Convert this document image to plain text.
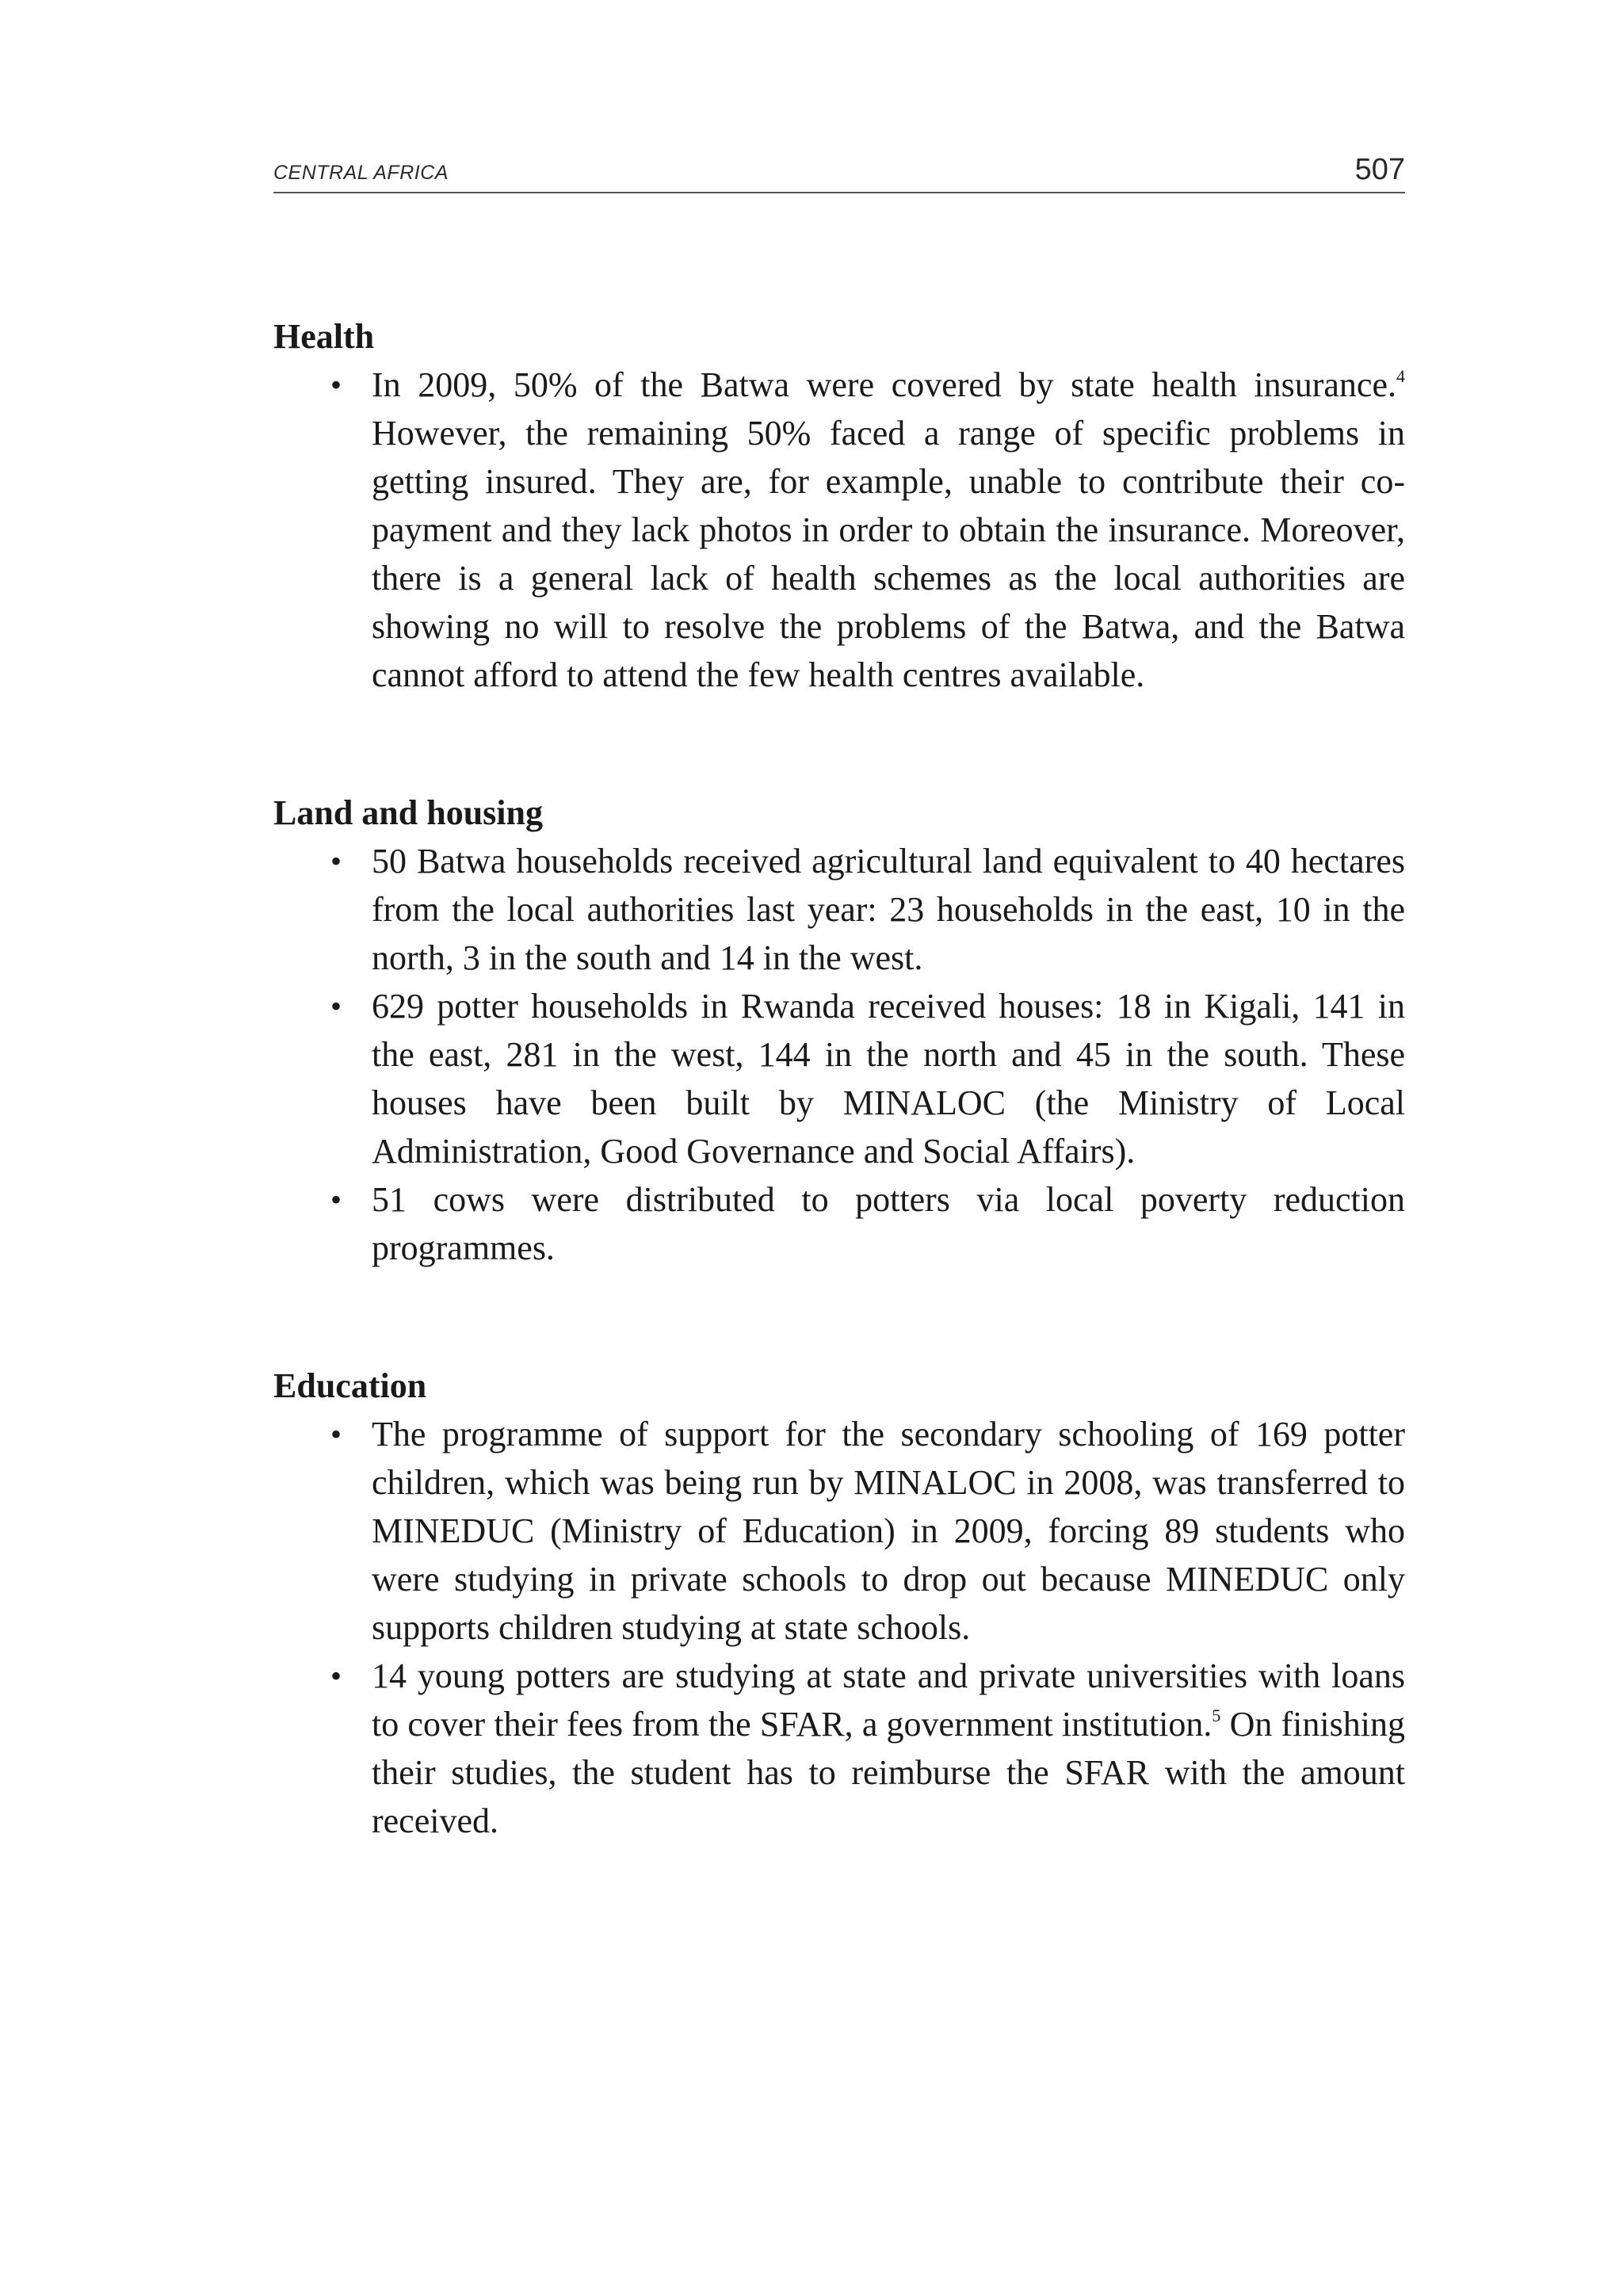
CENTRAL AFRICA	507
Health
• In 2009, 50% of the Batwa were covered by state health insurance.$^4$ However, the remaining 50% faced a range of specific problems in getting insured. They are, for example, unable to contribute their co-payment and they lack photos in order to obtain the insurance. Moreover, there is a general lack of health schemes as the local authorities are showing no will to resolve the problems of the Batwa, and the Batwa cannot afford to attend the few health centres available.
Land and housing
• 50 Batwa households received agricultural land equivalent to 40 hectares from the local authorities last year: 23 households in the east, 10 in the north, 3 in the south and 14 in the west.
• 629 potter households in Rwanda received houses: 18 in Kigali, 141 in the east, 281 in the west, 144 in the north and 45 in the south. These houses have been built by MINALOC (the Ministry of Local Administration, Good Governance and Social Affairs).
• 51 cows were distributed to potters via local poverty reduction programmes.
Education
• The programme of support for the secondary schooling of 169 potter children, which was being run by MINALOC in 2008, was transferred to MINEDUC (Ministry of Education) in 2009, forcing 89 students who were studying in private schools to drop out because MINEDUC only supports children studying at state schools.
• 14 young potters are studying at state and private universities with loans to cover their fees from the SFAR, a government institution.$^5$ On finishing their studies, the student has to reimburse the SFAR with the amount received.
